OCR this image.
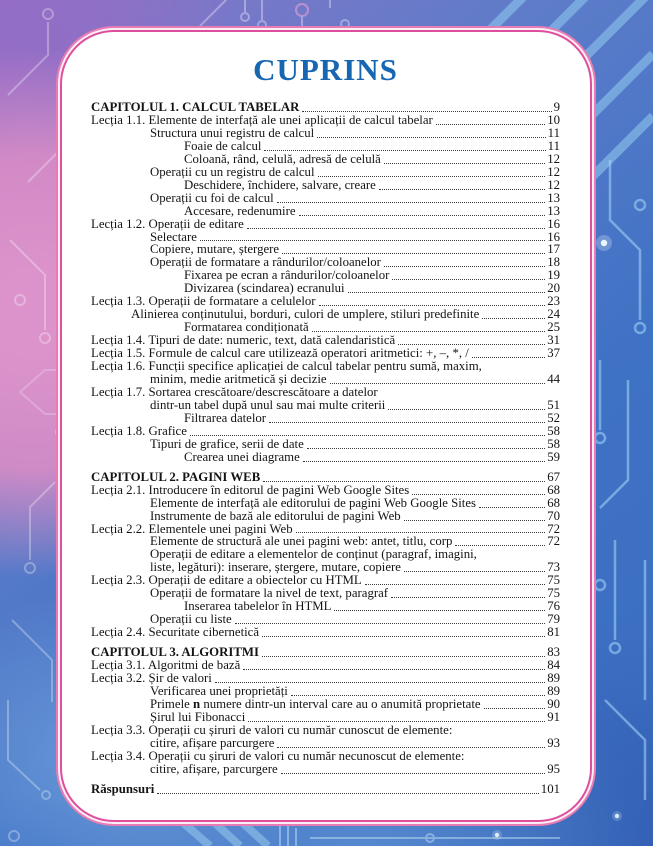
CUPRINS
CAPITOLUL 1. CALCUL TABELAR	9
Lecția 1.1. Elemente de interfață ale unei aplicații de calcul tabelar	10
Structura unui registru de calcul	11
Foaie de calcul	11
Coloană, rând, celulă, adresă de celulă	12
Operații cu un registru de calcul	12
Deschidere, închidere, salvare, creare	12
Operații cu foi de calcul	13
Accesare, redenumire	13
Lecția 1.2. Operații de editare	16
Selectare	16
Copiere, mutare, ștergere	17
Operații de formatare a rândurilor/coloanelor	18
Fixarea pe ecran a rândurilor/coloanelor	19
Divizarea (scindarea) ecranului	20
Lecția 1.3. Operații de formatare a celulelor	23
Alinierea conținutului, borduri, culori de umplere, stiluri predefinite	24
Formatarea condiționată	25
Lecția 1.4. Tipuri de date: numeric, text, dată calendaristică	31
Lecția 1.5. Formule de calcul care utilizează operatori aritmetici: +, –, *, /	37
Lecția 1.6. Funcții specifice aplicației de calcul tabelar pentru sumă, maxim,
minim, medie aritmetică și decizie	44
Lecția 1.7. Sortarea crescătoare/descrescătoare a datelor
dintr-un tabel după unul sau mai multe criterii	51
Filtrarea datelor	52
Lecția 1.8. Grafice	58
Tipuri de grafice, serii de date	58
Crearea unei diagrame	59
CAPITOLUL 2. PAGINI WEB	67
Lecția 2.1. Introducere în editorul de pagini Web Google Sites	68
Elemente de interfață ale editorului de pagini Web Google Sites	68
Instrumente de bază ale editorului de pagini Web	70
Lecția 2.2. Elementele unei pagini Web	72
Elemente de structură ale unei pagini web: antet, titlu, corp	72
Operații de editare a elementelor de conținut (paragraf, imagini,
liste, legături): inserare, ștergere, mutare, copiere	73
Lecția 2.3. Operații de editare a obiectelor cu HTML	75
Operații de formatare la nivel de text, paragraf	75
Inserarea tabelelor în HTML	76
Operații cu liste	79
Lecția 2.4. Securitate cibernetică	81
CAPITOLUL 3. ALGORITMI	83
Lecția 3.1. Algoritmi de bază	84
Lecția 3.2. Șir de valori	89
Verificarea unei proprietăți	89
Primele n numere dintr-un interval care au o anumită proprietate	90
Șirul lui Fibonacci	91
Lecția 3.3. Operații cu șiruri de valori cu număr cunoscut de elemente:
citire, afișare parcurgere	93
Lecția 3.4. Operații cu șiruri de valori cu număr necunoscut de elemente:
citire, afișare, parcurgere	95
Răspunsuri	101
